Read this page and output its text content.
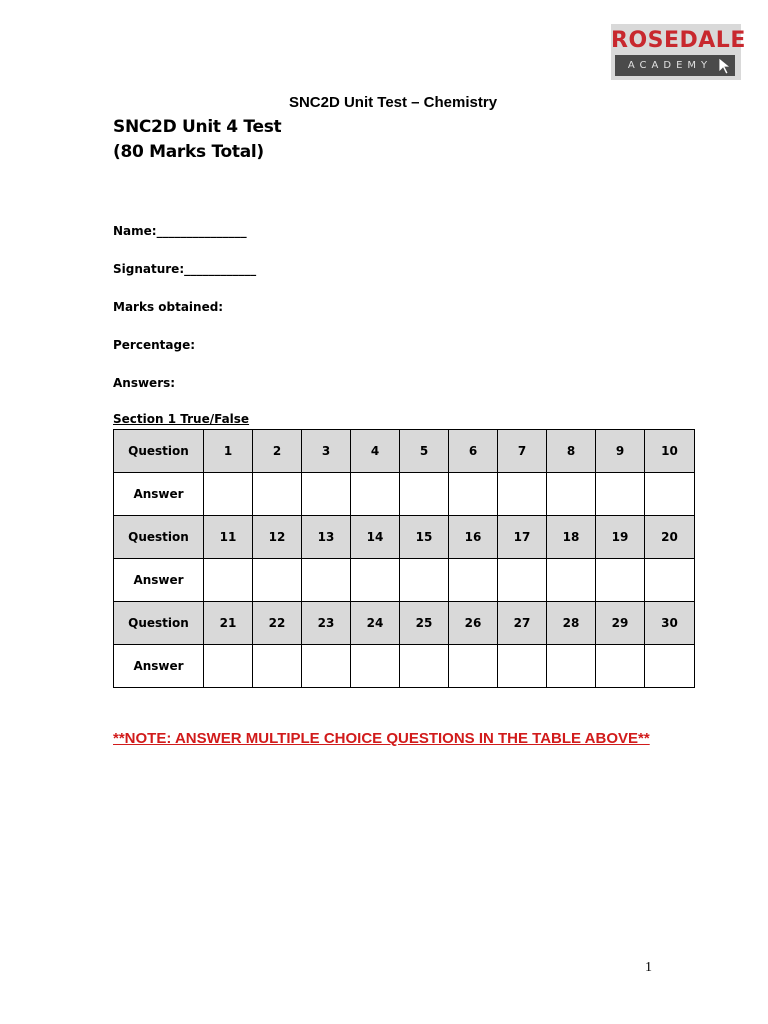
ROSEDALE
ACADEMY
SNC2D Unit Test – Chemistry
SNC2D Unit 4 Test
(80 Marks Total)
Name:_______________
Signature:____________
Marks obtained:
Percentage:
Answers:
Section 1 True/False
Question	1	2	3	4	5	6	7	8	9	10
Answer										
Question	11	12	13	14	15	16	17	18	19	20
Answer										
Question	21	22	23	24	25	26	27	28	29	30
Answer										
**NOTE: ANSWER MULTIPLE CHOICE QUESTIONS IN THE TABLE ABOVE**
1
